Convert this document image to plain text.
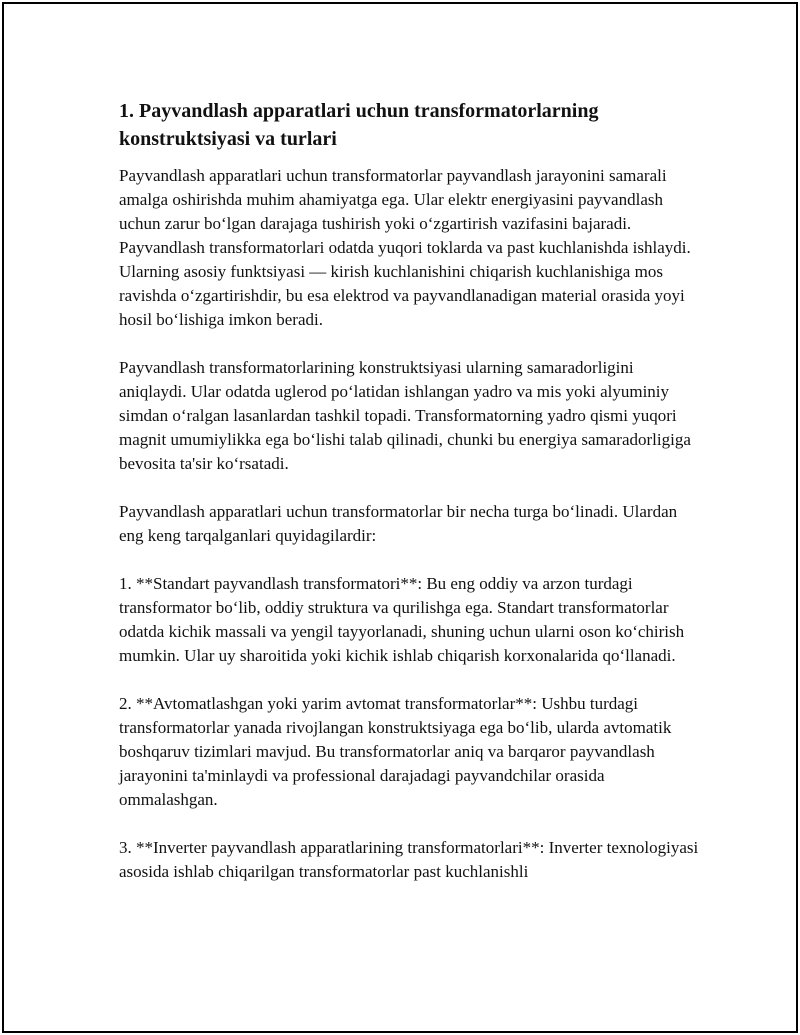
1. Payvandlash apparatlari uchun transformatorlarning konstruktsiyasi va turlari

Payvandlash apparatlari uchun transformatorlar payvandlash jarayonini samarali amalga oshirishda muhim ahamiyatga ega. Ular elektr energiyasini payvandlash uchun zarur boʻlgan darajaga tushirish yoki oʻzgartirish vazifasini bajaradi. Payvandlash transformatorlari odatda yuqori toklarda va past kuchlanishda ishlaydi. Ularning asosiy funktsiyasi — kirish kuchlanishini chiqarish kuchlanishiga mos ravishda oʻzgartirishdir, bu esa elektrod va payvandlanadigan material orasida yoyi hosil boʻlishiga imkon beradi.

Payvandlash transformatorlarining konstruktsiyasi ularning samaradorligini aniqlaydi. Ular odatda uglerod poʻlatidan ishlangan yadro va mis yoki alyuminiy simdan oʻralgan lasanlardan tashkil topadi. Transformatorning yadro qismi yuqori magnit umumiylikka ega boʻlishi talab qilinadi, chunki bu energiya samaradorligiga bevosita ta'sir koʻrsatadi.

Payvandlash apparatlari uchun transformatorlar bir necha turga boʻlinadi. Ulardan eng keng tarqalganlari quyidagilardir:

1. **Standart payvandlash transformatori**: Bu eng oddiy va arzon turdagi transformator boʻlib, oddiy struktura va qurilishga ega. Standart transformatorlar odatda kichik massali va yengil tayyorlanadi, shuning uchun ularni oson koʻchirish mumkin. Ular uy sharoitida yoki kichik ishlab chiqarish korxonalarida qoʻllanadi.

2. **Avtomatlashgan yoki yarim avtomat transformatorlar**: Ushbu turdagi transformatorlar yanada rivojlangan konstruktsiyaga ega boʻlib, ularda avtomatik boshqaruv tizimlari mavjud. Bu transformatorlar aniq va barqaror payvandlash jarayonini ta'minlaydi va professional darajadagi payvandchilar orasida ommalashgan.

3. **Inverter payvandlash apparatlarining transformatorlari**: Inverter texnologiyasi asosida ishlab chiqarilgan transformatorlar past kuchlanishli
